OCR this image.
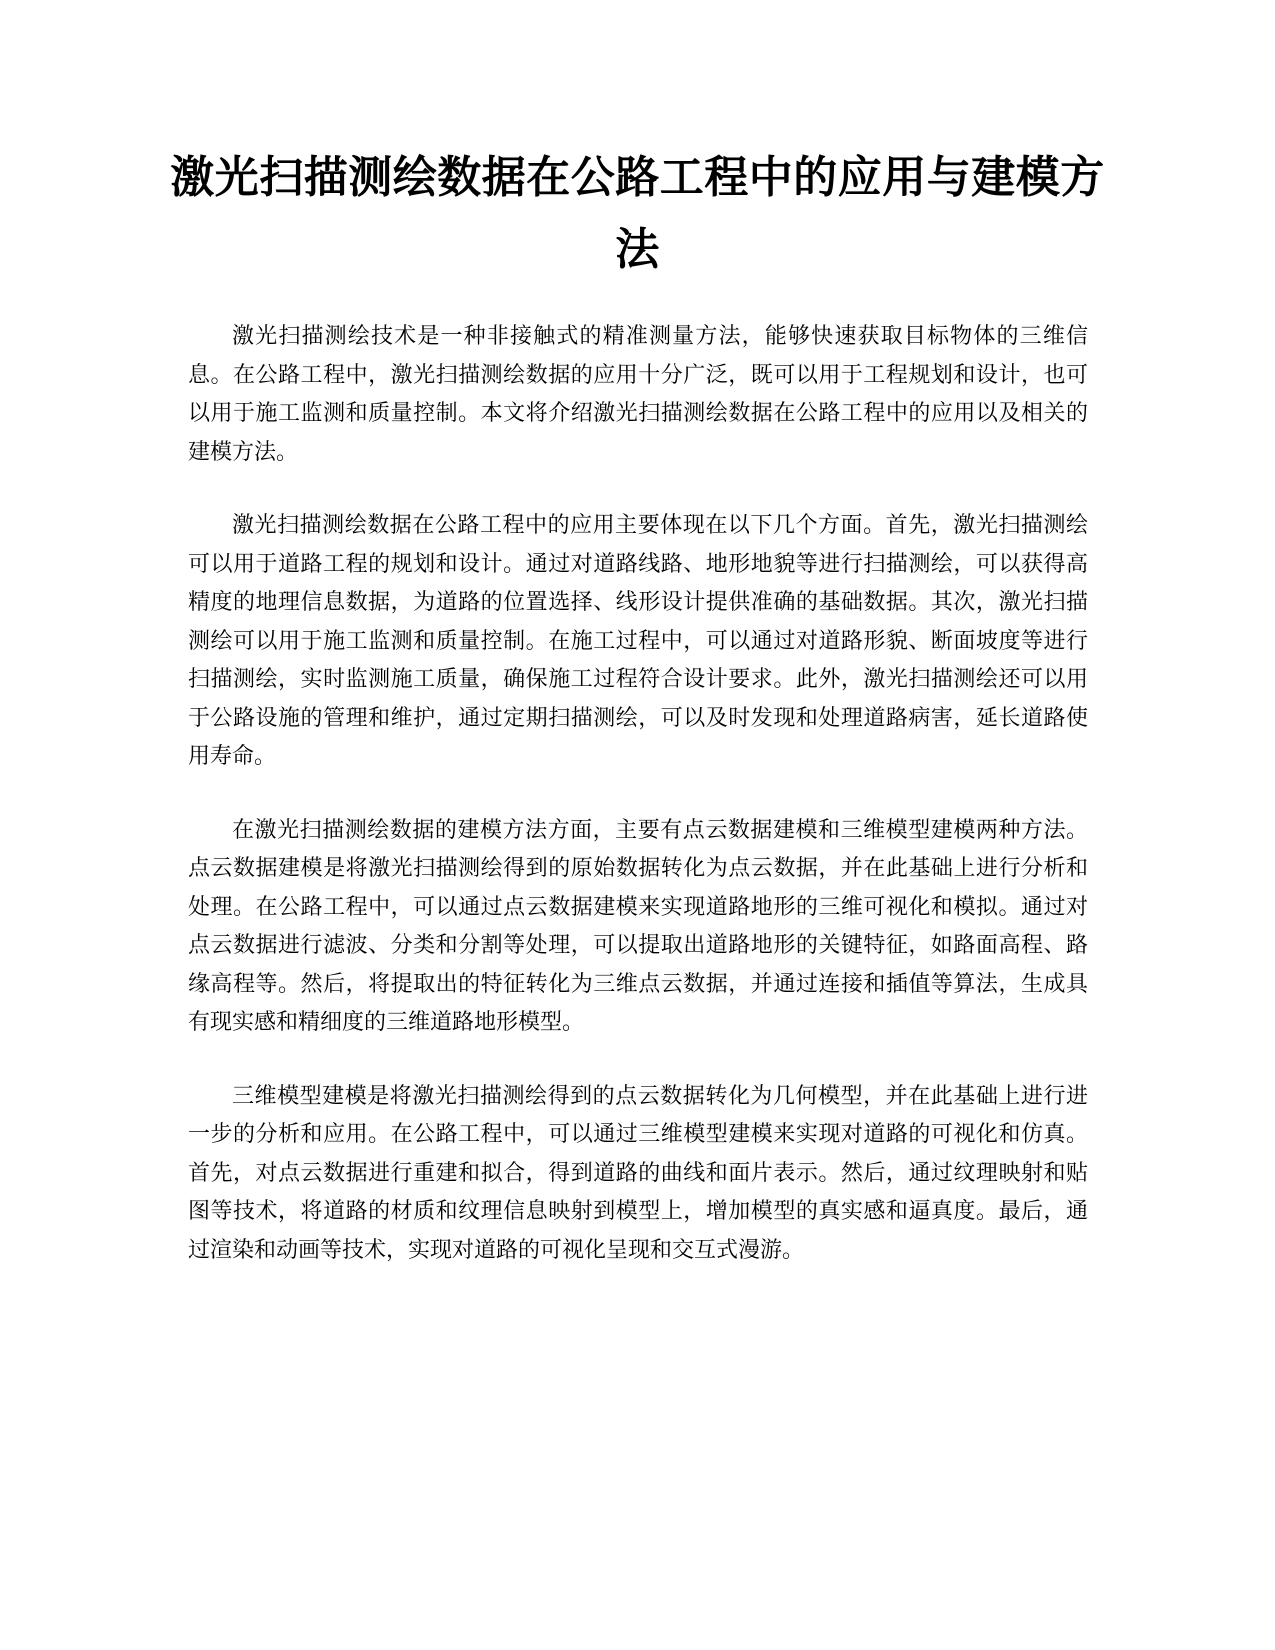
激光扫描测绘数据在公路工程中的应用与建模方法

激光扫描测绘技术是一种非接触式的精准测量方法，能够快速获取目标物体的三维信息。在公路工程中，激光扫描测绘数据的应用十分广泛，既可以用于工程规划和设计，也可以用于施工监测和质量控制。本文将介绍激光扫描测绘数据在公路工程中的应用以及相关的建模方法。

激光扫描测绘数据在公路工程中的应用主要体现在以下几个方面。首先，激光扫描测绘可以用于道路工程的规划和设计。通过对道路线路、地形地貌等进行扫描测绘，可以获得高精度的地理信息数据，为道路的位置选择、线形设计提供准确的基础数据。其次，激光扫描测绘可以用于施工监测和质量控制。在施工过程中，可以通过对道路形貌、断面坡度等进行扫描测绘，实时监测施工质量，确保施工过程符合设计要求。此外，激光扫描测绘还可以用于公路设施的管理和维护，通过定期扫描测绘，可以及时发现和处理道路病害，延长道路使用寿命。

在激光扫描测绘数据的建模方法方面，主要有点云数据建模和三维模型建模两种方法。点云数据建模是将激光扫描测绘得到的原始数据转化为点云数据，并在此基础上进行分析和处理。在公路工程中，可以通过点云数据建模来实现道路地形的三维可视化和模拟。通过对点云数据进行滤波、分类和分割等处理，可以提取出道路地形的关键特征，如路面高程、路缘高程等。然后，将提取出的特征转化为三维点云数据，并通过连接和插值等算法，生成具有现实感和精细度的三维道路地形模型。

三维模型建模是将激光扫描测绘得到的点云数据转化为几何模型，并在此基础上进行进一步的分析和应用。在公路工程中，可以通过三维模型建模来实现对道路的可视化和仿真。首先，对点云数据进行重建和拟合，得到道路的曲线和面片表示。然后，通过纹理映射和贴图等技术，将道路的材质和纹理信息映射到模型上，增加模型的真实感和逼真度。最后，通过渲染和动画等技术，实现对道路的可视化呈现和交互式漫游。
